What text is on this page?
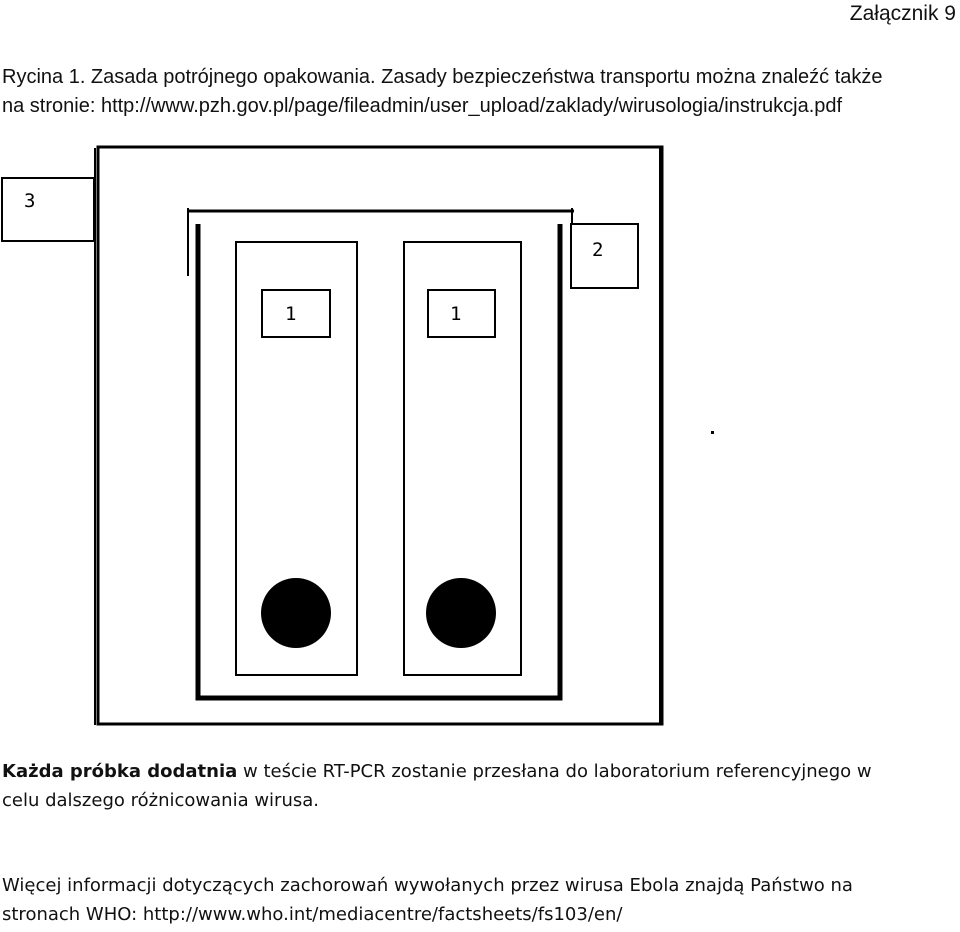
Załącznik 9
Rycina 1. Zasada potrójnego opakowania. Zasady bezpieczeństwa transportu można znaleźć także
na stronie: http://www.pzh.gov.pl/page/fileadmin/user_upload/zaklady/wirusologia/instrukcja.pdf
3
2
1	1
Każda próbka dodatnia w teście RT-PCR zostanie przesłana do laboratorium referencyjnego w
celu dalszego różnicowania wirusa.
Więcej informacji dotyczących zachorowań wywołanych przez wirusa Ebola znajdą Państwo na
stronach WHO: http://www.who.int/mediacentre/factsheets/fs103/en/
